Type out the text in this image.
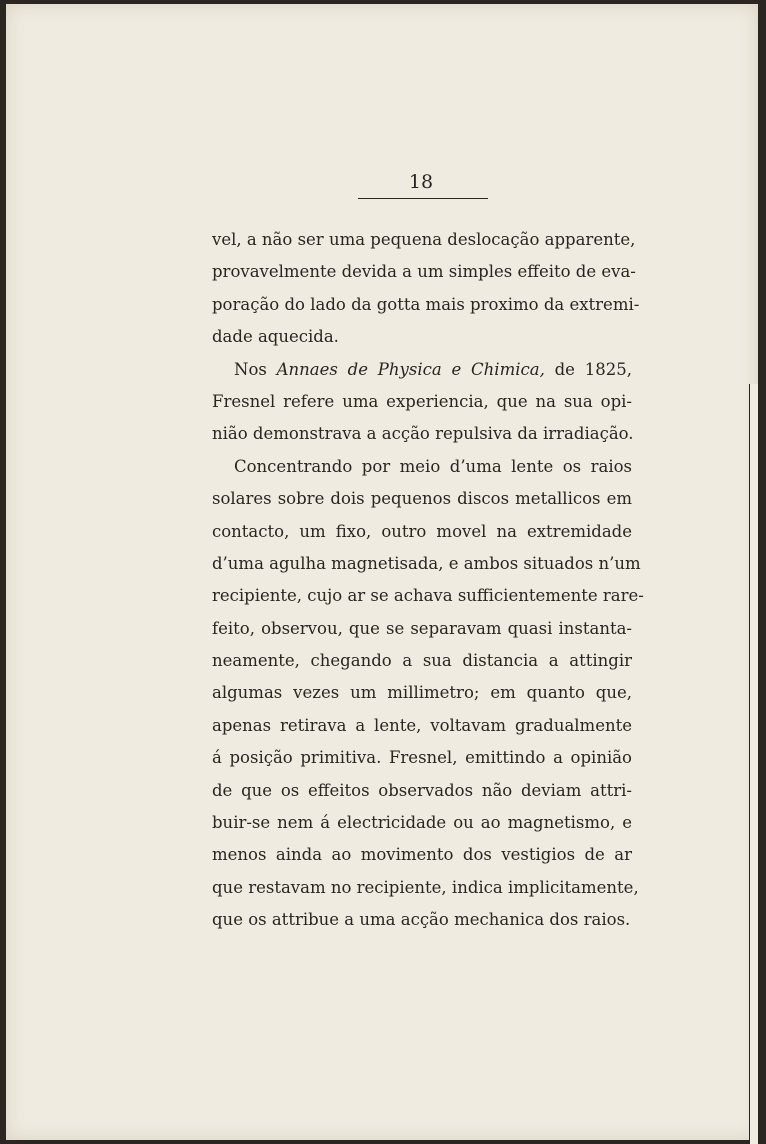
18

vel, a não ser uma pequena deslocação apparente,
provavelmente devida a um simples effeito de eva-
poração do lado da gotta mais proximo da extremi-
dade aquecida.
Nos Annaes de Physica e Chimica, de 1825,
Fresnel refere uma experiencia, que na sua opi-
nião demonstrava a acção repulsiva da irradiação.
Concentrando por meio d’uma lente os raios
solares sobre dois pequenos discos metallicos em
contacto, um fixo, outro movel na extremidade
d’uma agulha magnetisada, e ambos situados n’um
recipiente, cujo ar se achava sufficientemente rare-
feito, observou, que se separavam quasi instanta-
neamente, chegando a sua distancia a attingir
algumas vezes um millimetro; em quanto que,
apenas retirava a lente, voltavam gradualmente
á posição primitiva. Fresnel, emittindo a opinião
de que os effeitos observados não deviam attri-
buir-se nem á electricidade ou ao magnetismo, e
menos ainda ao movimento dos vestigios de ar
que restavam no recipiente, indica implicitamente,
que os attribue a uma acção mechanica dos raios.
